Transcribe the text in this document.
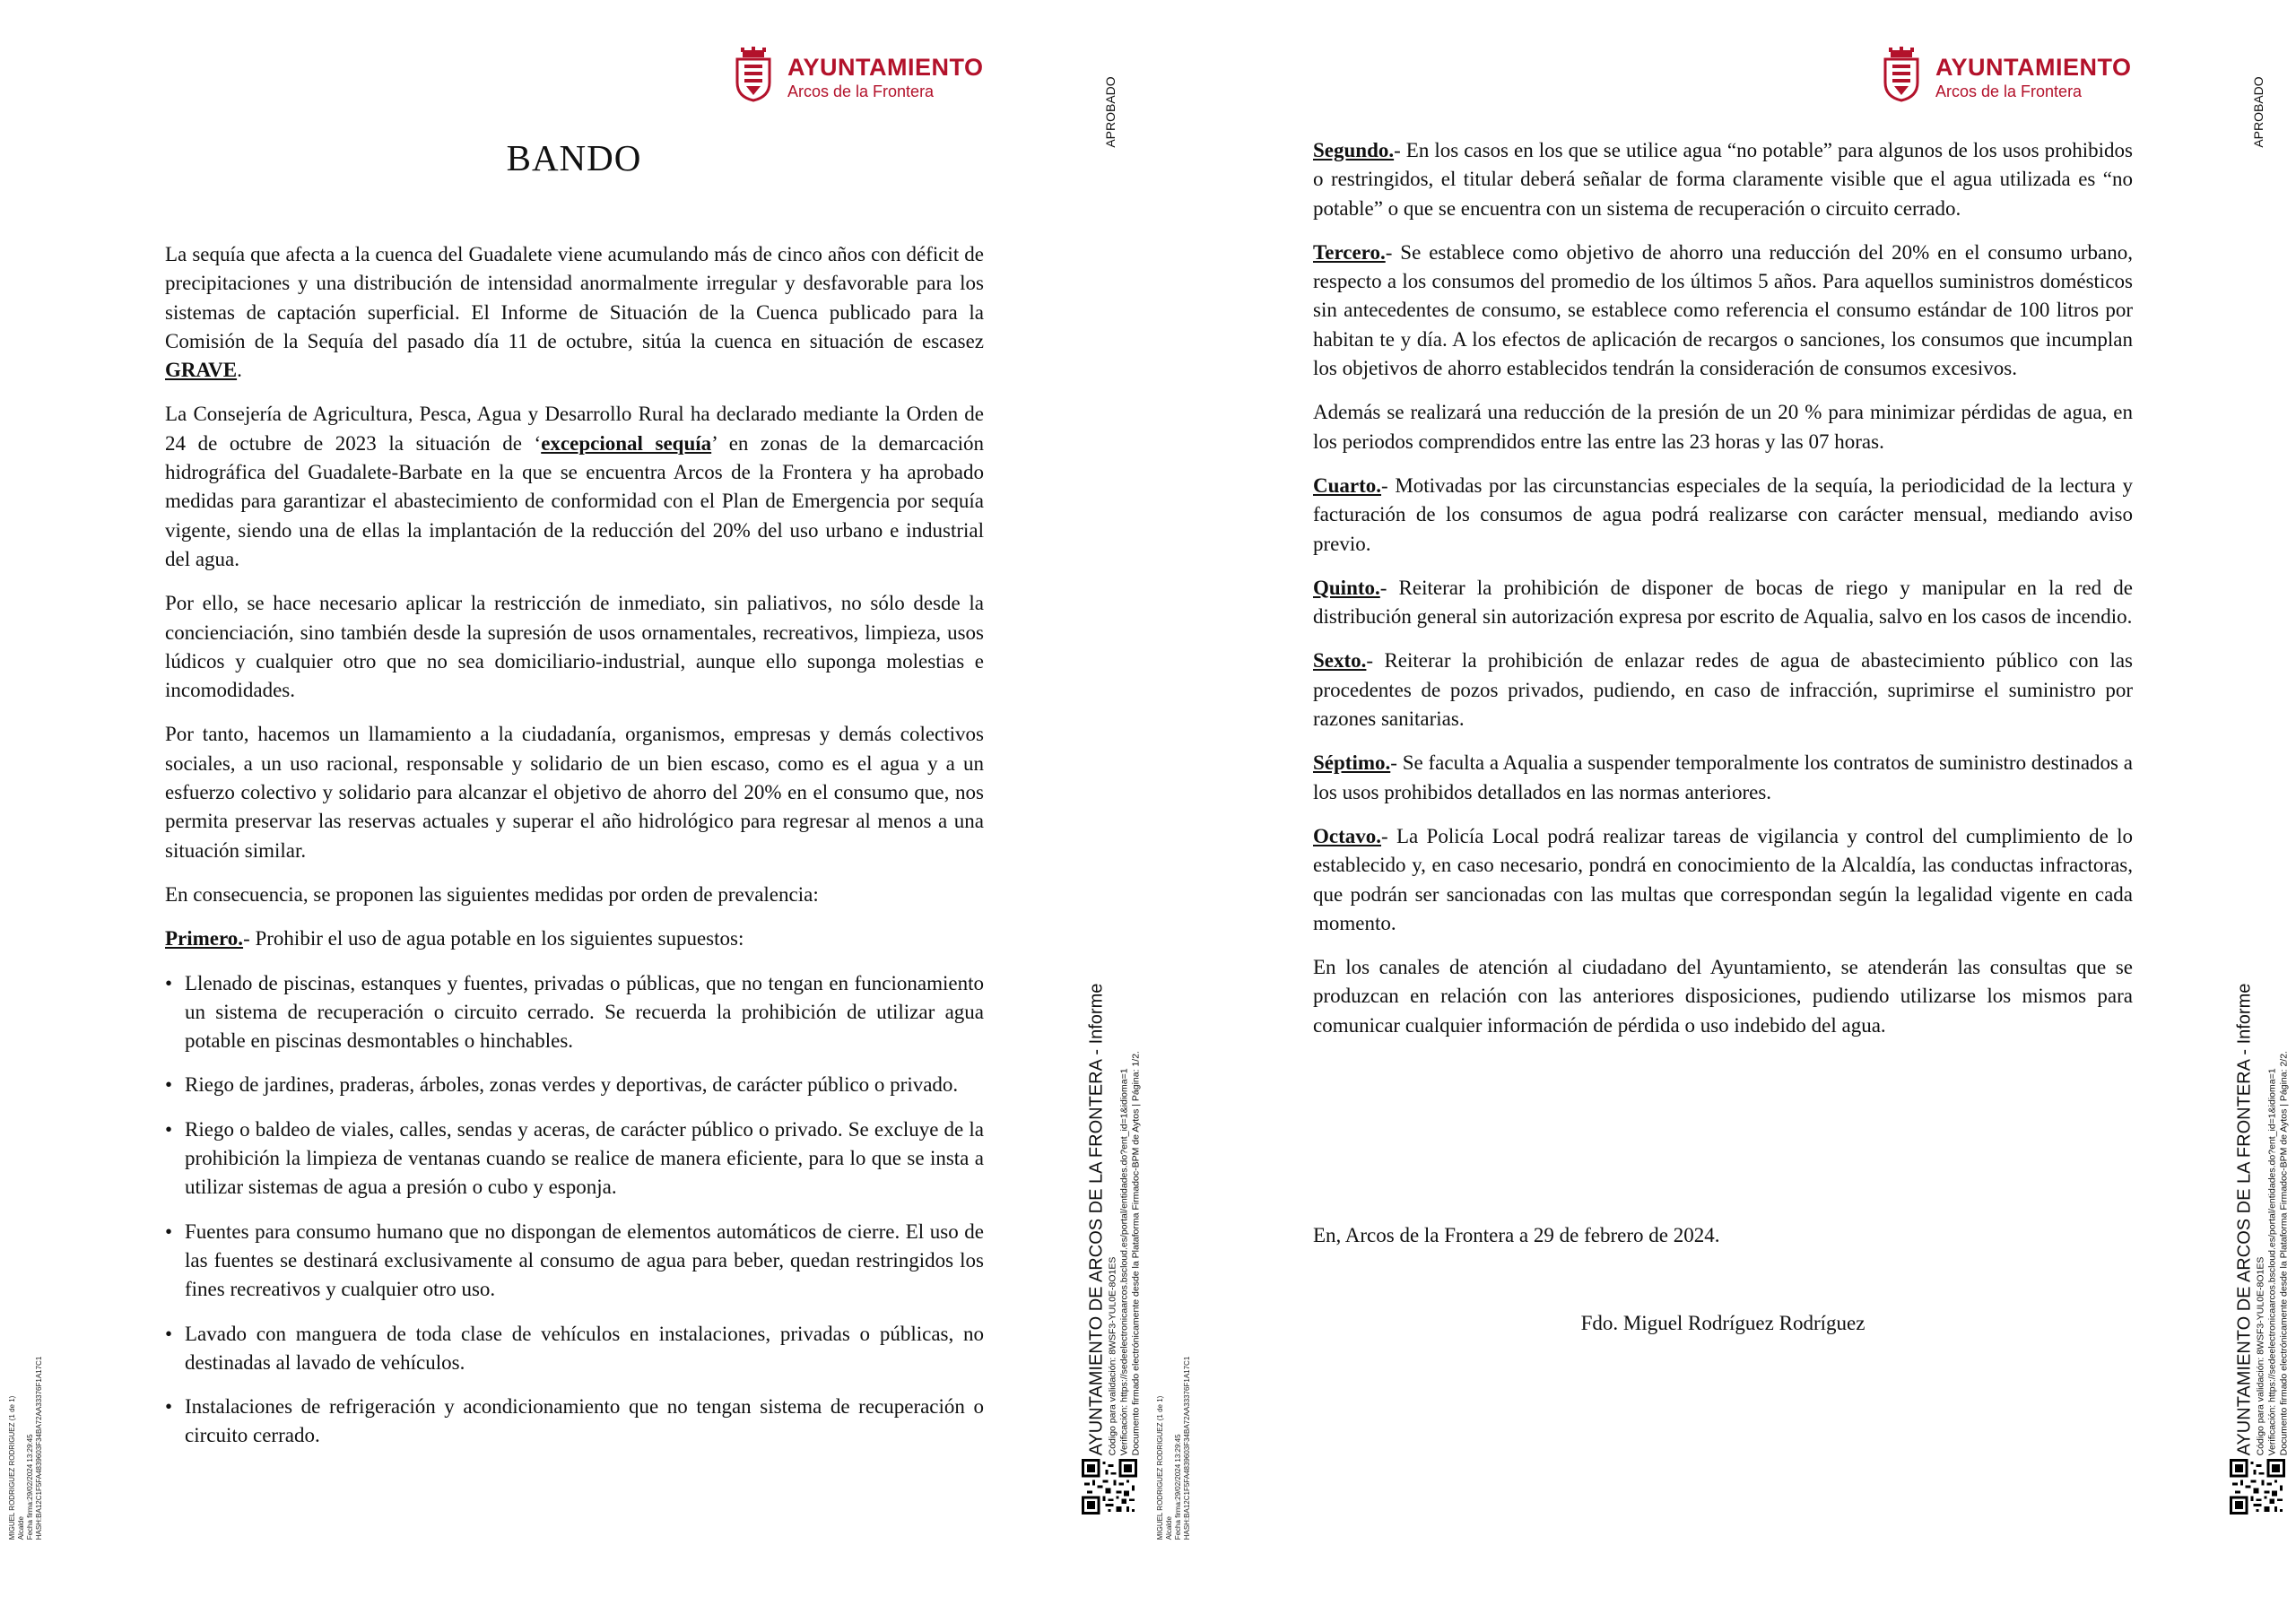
AYUNTAMIENTO
Arcos de la Frontera	APROBADO
BANDO

La sequía que afecta a la cuenca del Guadalete viene acumulando más de cinco años con déficit de precipitaciones y una distribución de intensidad anormalmente irregular y desfavorable para los sistemas de captación superficial. El Informe de Situación de la Cuenca publicado para la Comisión de la Sequía del pasado día 11 de octubre, sitúa la cuenca en situación de escasez GRAVE.

La Consejería de Agricultura, Pesca, Agua y Desarrollo Rural ha declarado mediante la Orden de 24 de octubre de 2023 la situación de ‘excepcional sequía’ en zonas de la demarcación hidrográfica del Guadalete-Barbate en la que se encuentra Arcos de la Frontera y ha aprobado medidas para garantizar el abastecimiento de conformidad con el Plan de Emergencia por sequía vigente, siendo una de ellas la implantación de la reducción del 20% del uso urbano e industrial del agua.

Por ello, se hace necesario aplicar la restricción de inmediato, sin paliativos, no sólo desde la concienciación, sino también desde la supresión de usos ornamentales, recreativos, limpieza, usos lúdicos y cualquier otro que no sea domiciliario-industrial, aunque ello suponga molestias e incomodidades.

Por tanto, hacemos un llamamiento a la ciudadanía, organismos, empresas y demás colectivos sociales, a un uso racional, responsable y solidario de un bien escaso, como es el agua y a un esfuerzo colectivo y solidario para alcanzar el objetivo de ahorro del 20% en el consumo que, nos permita preservar las reservas actuales y superar el año hidrológico para regresar al menos a una situación similar.

En consecuencia, se proponen las siguientes medidas por orden de prevalencia:

Primero.- Prohibir el uso de agua potable en los siguientes supuestos:

• Llenado de piscinas, estanques y fuentes, privadas o públicas, que no tengan en funcionamiento un sistema de recuperación o circuito cerrado. Se recuerda la prohibición de utilizar agua potable en piscinas desmontables o hinchables.

• Riego de jardines, praderas, árboles, zonas verdes y deportivas, de carácter público o privado.

• Riego o baldeo de viales, calles, sendas y aceras, de carácter público o privado. Se excluye de la prohibición la limpieza de ventanas cuando se realice de manera eficiente, para lo que se insta a utilizar sistemas de agua a presión o cubo y esponja.

• Fuentes para consumo humano que no dispongan de elementos automáticos de cierre. El uso de las fuentes se destinará exclusivamente al consumo de agua para beber, quedan restringidos los fines recreativos y cualquier otro uso.

• Lavado con manguera de toda clase de vehículos en instalaciones, privadas o públicas, no destinadas al lavado de vehículos.

• Instalaciones de refrigeración y acondicionamiento que no tengan sistema de recuperación o circuito cerrado.

MIGUEL RODRIGUEZ RODRIGUEZ (1 de 1) Alcalde Fecha firma:29/02/2024 13:29:45 HASH:BA12C1F5FA4839603F34BA72AA33376F1A17C1	AYUNTAMIENTO DE ARCOS DE LA FRONTERA - Informe Código para validación: 8WSF3-YUL0E-8O1ES Verificación: https://sedeelectronicaarcos.bscloud.es/portal/entidades.do?ent_id=1&idioma=1 Documento firmado electrónicamente desde la Plataforma Firmadoc-BPM de Aytos | Página: 1/2.
AYUNTAMIENTO
Arcos de la Frontera	APROBADO

Segundo.- En los casos en los que se utilice agua “no potable” para algunos de los usos prohibidos o restringidos, el titular deberá señalar de forma claramente visible que el agua utilizada es “no potable” o que se encuentra con un sistema de recuperación o circuito cerrado.

Tercero.- Se establece como objetivo de ahorro una reducción del 20% en el consumo urbano, respecto a los consumos del promedio de los últimos 5 años. Para aquellos suministros domésticos sin antecedentes de consumo, se establece como referencia el consumo estándar de 100 litros por habitan te y día. A los efectos de aplicación de recargos o sanciones, los consumos que incumplan los objetivos de ahorro establecidos tendrán la consideración de consumos excesivos.

Además se realizará una reducción de la presión de un 20 % para minimizar pérdidas de agua, en los periodos comprendidos entre las entre las 23 horas y las 07 horas.

Cuarto.- Motivadas por las circunstancias especiales de la sequía, la periodicidad de la lectura y facturación de los consumos de agua podrá realizarse con carácter mensual, mediando aviso previo.

Quinto.- Reiterar la prohibición de disponer de bocas de riego y manipular en la red de distribución general sin autorización expresa por escrito de Aqualia, salvo en los casos de incendio.

Sexto.- Reiterar la prohibición de enlazar redes de agua de abastecimiento público con las procedentes de pozos privados, pudiendo, en caso de infracción, suprimirse el suministro por razones sanitarias.

Séptimo.- Se faculta a Aqualia a suspender temporalmente los contratos de suministro destinados a los usos prohibidos detallados en las normas anteriores.

Octavo.- La Policía Local podrá realizar tareas de vigilancia y control del cumplimiento de lo establecido y, en caso necesario, pondrá en conocimiento de la Alcaldía, las conductas infractoras, que podrán ser sancionadas con las multas que correspondan según la legalidad vigente en cada momento.

En los canales de atención al ciudadano del Ayuntamiento, se atenderán las consultas que se produzcan en relación con las anteriores disposiciones, pudiendo utilizarse los mismos para comunicar cualquier información de pérdida o uso indebido del agua.

En, Arcos de la Frontera a 29 de febrero de 2024.
Fdo. Miguel Rodríguez Rodríguez
MIGUEL RODRIGUEZ RODRIGUEZ (1 de 1) Alcalde Fecha firma:29/02/2024 13:29:45 HASH:BA12C1F5FA4839603F34BA72AA33376F1A17C1	AYUNTAMIENTO DE ARCOS DE LA FRONTERA - Informe Código para validación: 8WSF3-YUL0E-8O1ES Verificación: https://sedeelectronicaarcos.bscloud.es/portal/entidades.do?ent_id=1&idioma=1 Documento firmado electrónicamente desde la Plataforma Firmadoc-BPM de Aytos | Página: 2/2.
